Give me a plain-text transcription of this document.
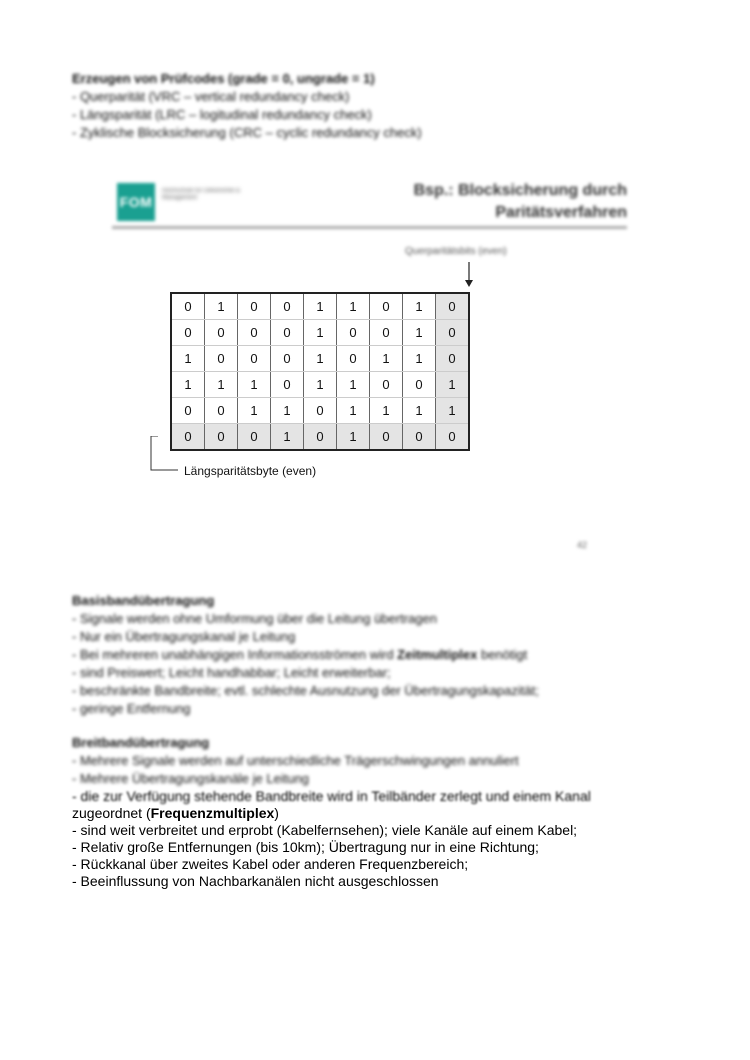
Erzeugen von Prüfcodes (grade = 0, ungrade = 1)
- Querparität (VRC – vertical redundancy check)
- Längsparität (LRC – logitudinal redundancy check)
- Zyklische Blocksicherung (CRC – cyclic redundancy check)
FOM
Hochschule für Oekonomie & Management	Bsp.: Blocksicherung durch
Paritätsverfahren
Querparitätsbits (even)
0	1	0	0	1	1	0	1	0
0	0	0	0	1	0	0	1	0
1	0	0	0	1	0	1	1	0
1	1	1	0	1	1	0	0	1
0	0	1	1	0	1	1	1	1
0	0	0	1	0	1	0	0	0
Längsparitätsbyte (even)
42
Basisbandübertragung
- Signale werden ohne Umformung über die Leitung übertragen
- Nur ein Übertragungskanal je Leitung
- Bei mehreren unabhängigen Informationsströmen wird Zeitmultiplex benötigt
- sind Preiswert; Leicht handhabbar; Leicht erweiterbar;
- beschränkte Bandbreite; evtl. schlechte Ausnutzung der Übertragungskapazität;
- geringe Entfernung
Breitbandübertragung
- Mehrere Signale werden auf unterschiedliche Trägerschwingungen annuliert
- Mehrere Übertragungskanäle je Leitung
- die zur Verfügung stehende Bandbreite wird in Teilbänder zerlegt und einem Kanal
zugeordnet (Frequenzmultiplex)
- sind weit verbreitet und erprobt (Kabelfernsehen); viele Kanäle auf einem Kabel;
- Relativ große Entfernungen (bis 10km); Übertragung nur in eine Richtung;
- Rückkanal über zweites Kabel oder anderen Frequenzbereich;
- Beeinflussung von Nachbarkanälen nicht ausgeschlossen
